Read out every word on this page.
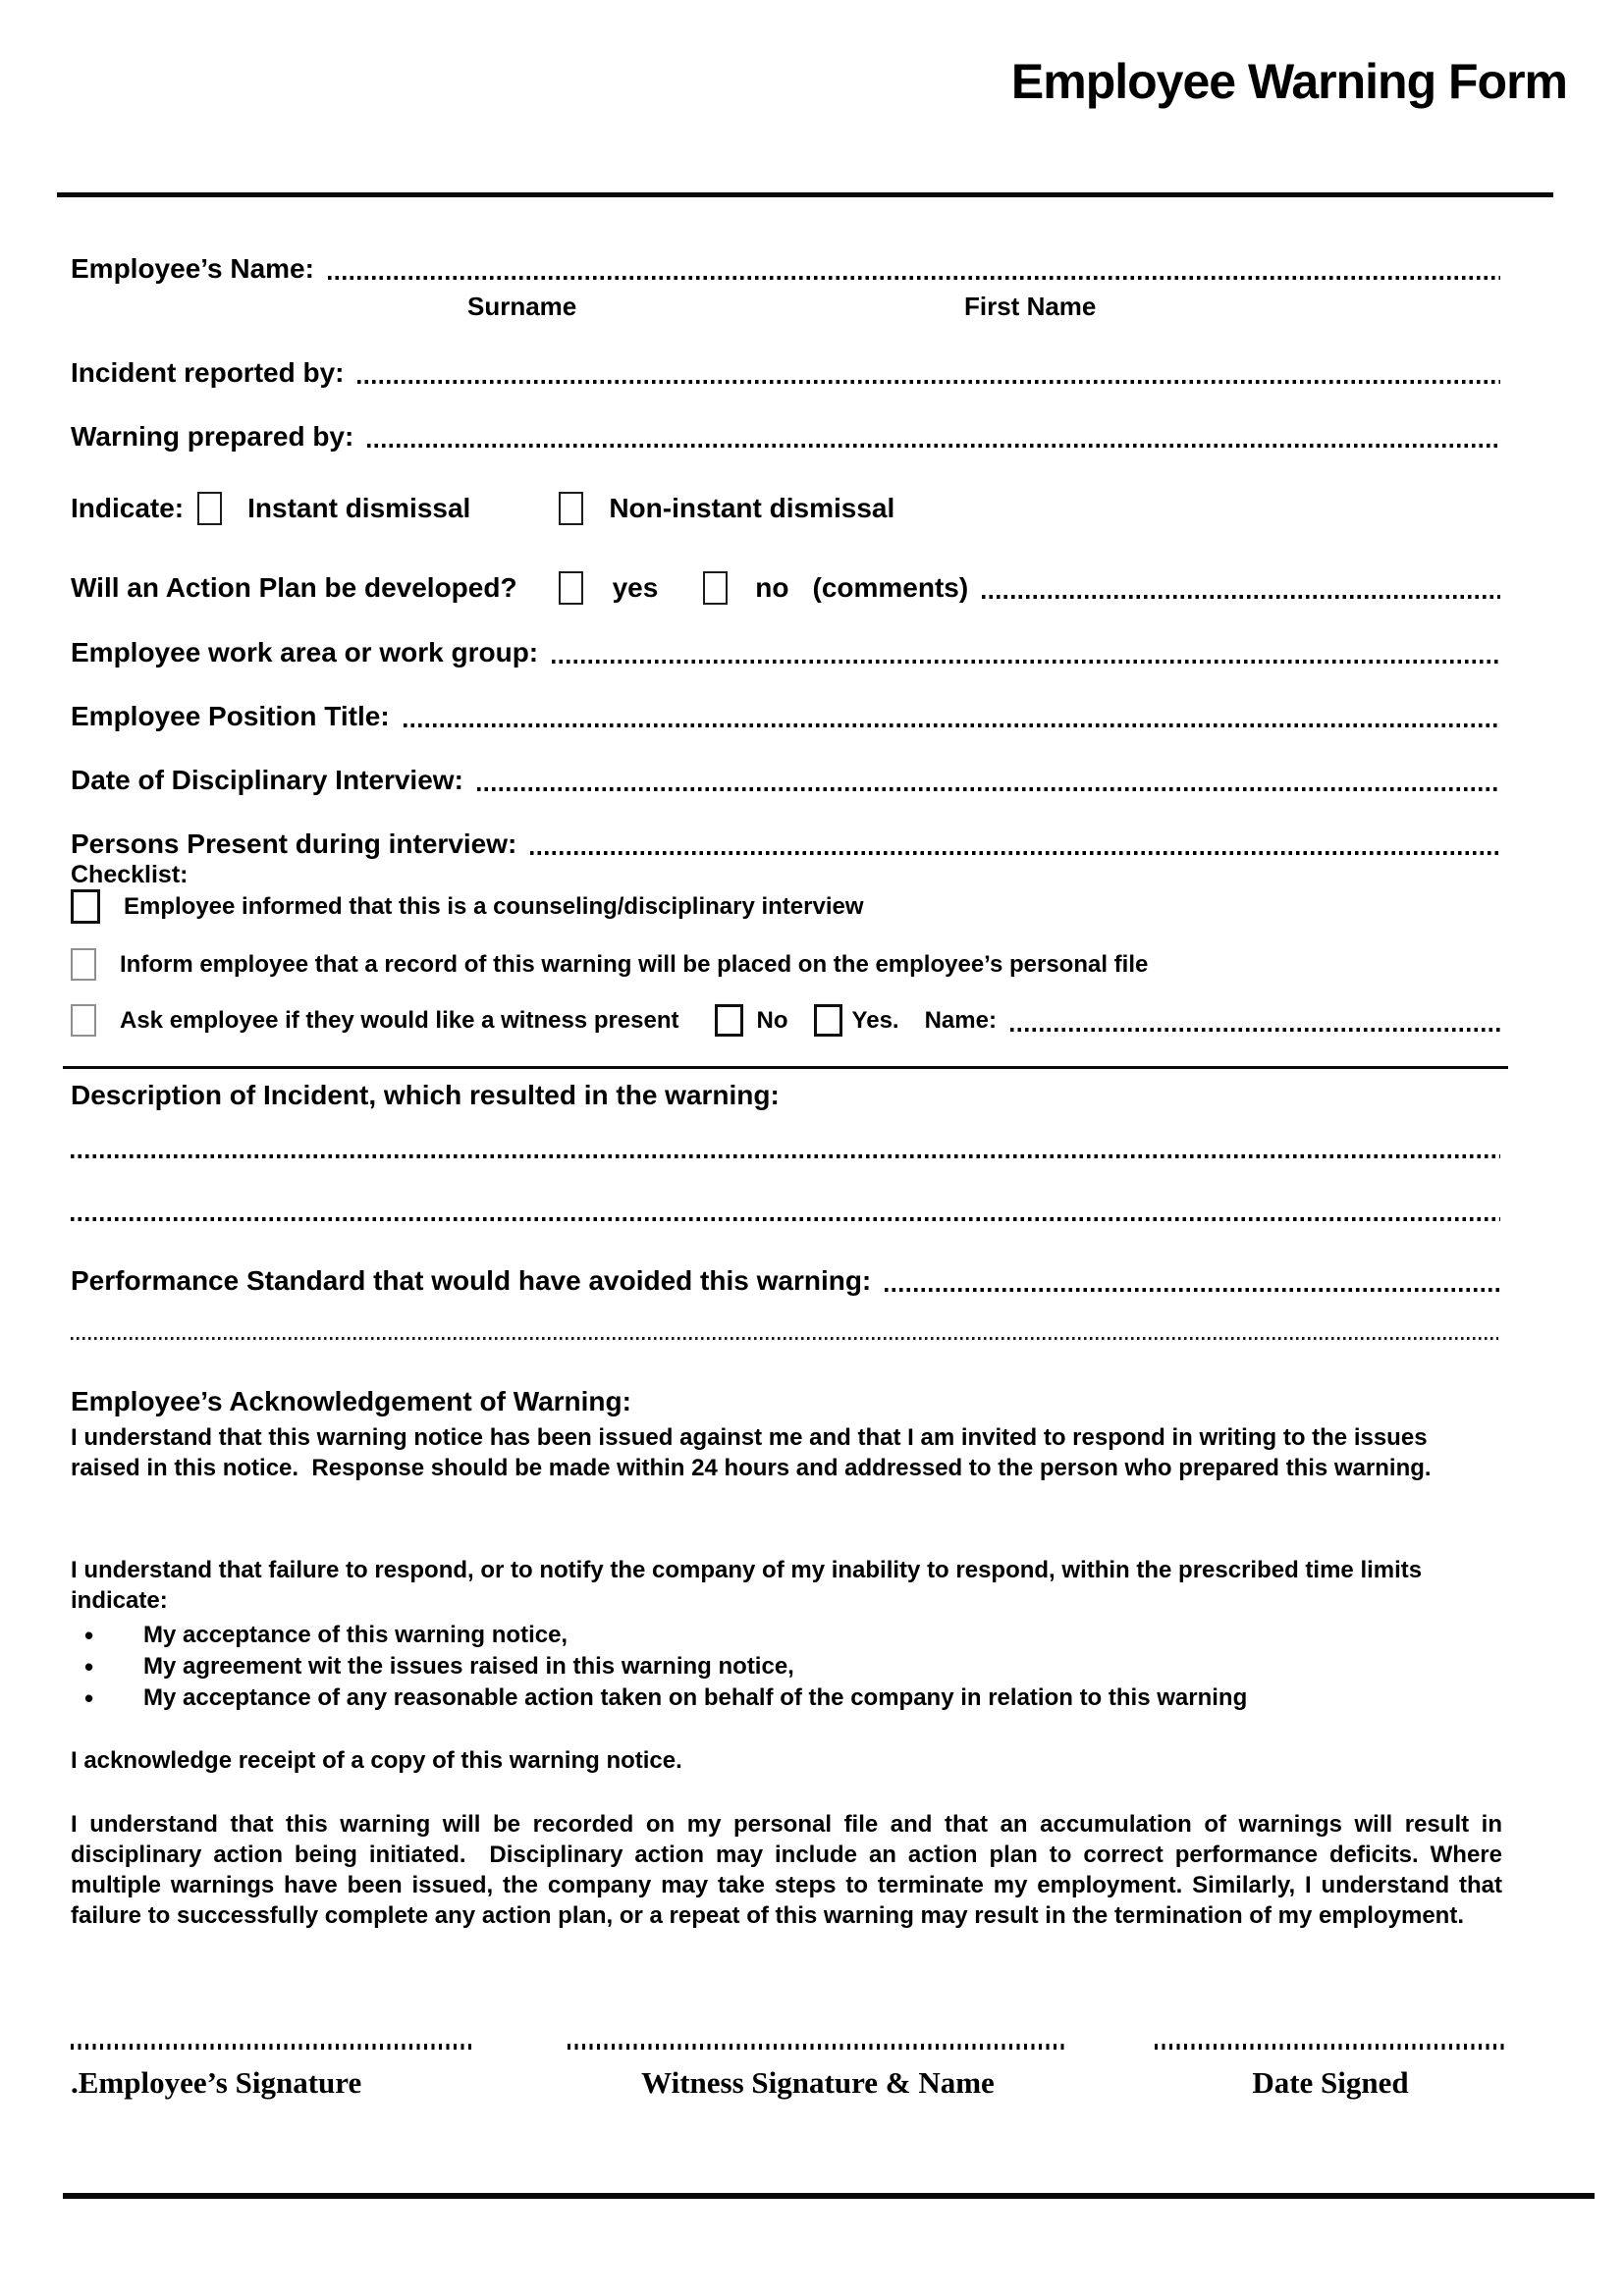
Employee Warning Form
Employee’s Name:
Surname	First Name
Incident reported by:
Warning prepared by:
Indicate: Instant dismissal	Non-instant dismissal
Will an Action Plan be developed?	yes	no (comments)
Employee work area or work group:
Employee Position Title:
Date of Disciplinary Interview:
Persons Present during interview:
Checklist:
Employee informed that this is a counseling/disciplinary interview
Inform employee that a record of this warning will be placed on the employee’s personal file
Ask employee if they would like a witness present	No	Yes. Name:
Description of Incident, which resulted in the warning:
Performance Standard that would have avoided this warning:
Employee’s Acknowledgement of Warning:
I understand that this warning notice has been issued against me and that I am invited to respond in writing to the issues raised in this notice.  Response should be made within 24 hours and addressed to the person who prepared this warning.
I understand that failure to respond, or to notify the company of my inability to respond, within the prescribed time limits indicate:
• My acceptance of this warning notice,
• My agreement wit the issues raised in this warning notice,
• My acceptance of any reasonable action taken on behalf of the company in relation to this warning
I acknowledge receipt of a copy of this warning notice.
I understand that this warning will be recorded on my personal file and that an accumulation of warnings will result in disciplinary action being initiated.  Disciplinary action may include an action plan to correct performance deficits. Where multiple warnings have been issued, the company may take steps to terminate my employment. Similarly, I understand that failure to successfully complete any action plan, or a repeat of this warning may result in the termination of my employment.
.Employee’s Signature	Witness Signature & Name	Date Signed
